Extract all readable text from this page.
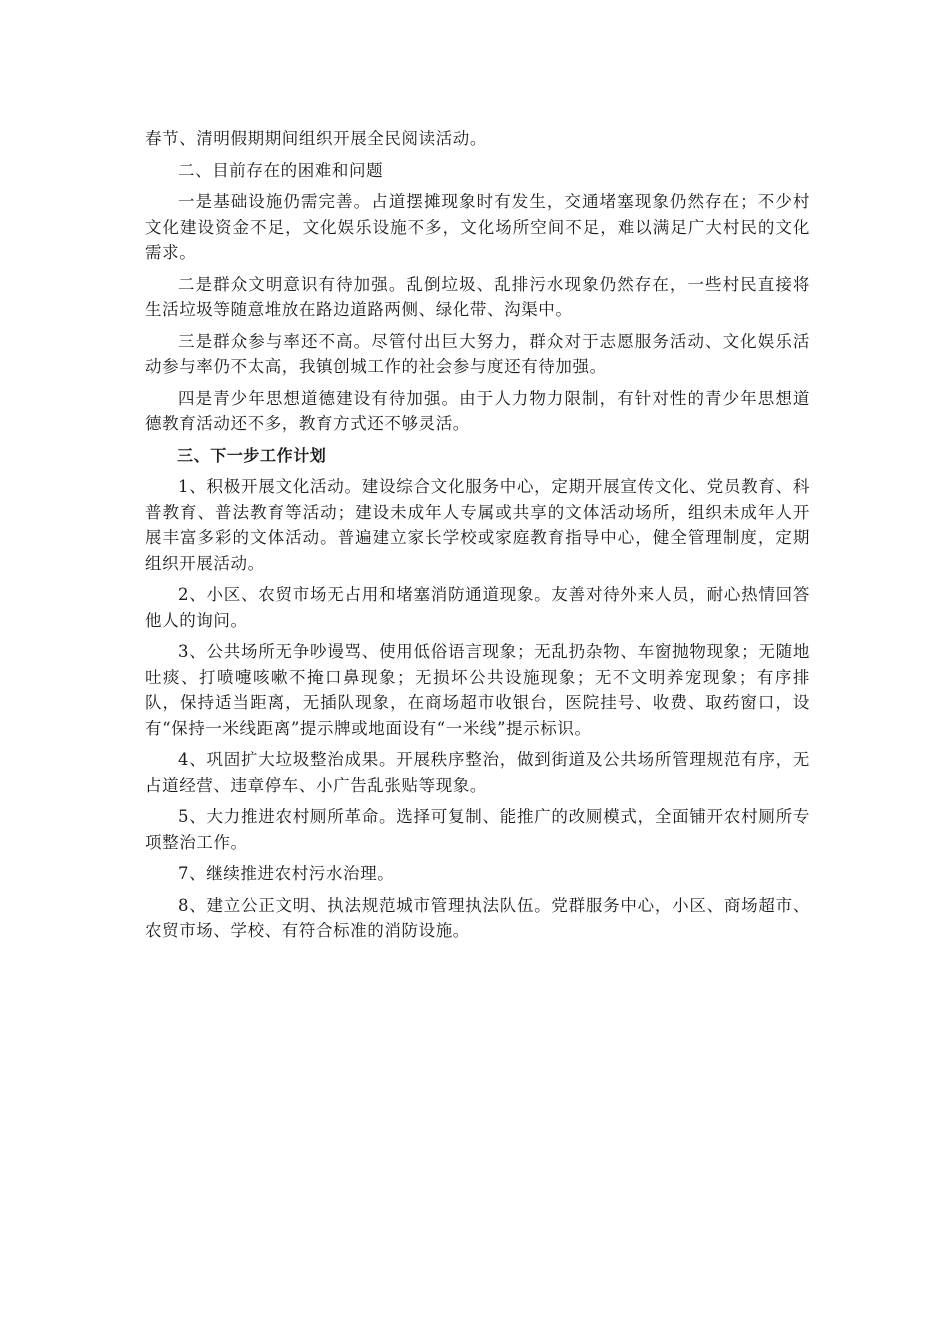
春节、清明假期期间组织开展全民阅读活动。

二、目前存在的困难和问题

一是基础设施仍需完善。占道摆摊现象时有发生，交通堵塞现象仍然存在；不少村文化建设资金不足，文化娱乐设施不多，文化场所空间不足，难以满足广大村民的文化需求。

二是群众文明意识有待加强。乱倒垃圾、乱排污水现象仍然存在，一些村民直接将生活垃圾等随意堆放在路边道路两侧、绿化带、沟渠中。

三是群众参与率还不高。尽管付出巨大努力，群众对于志愿服务活动、文化娱乐活动参与率仍不太高，我镇创城工作的社会参与度还有待加强。

四是青少年思想道德建设有待加强。由于人力物力限制，有针对性的青少年思想道德教育活动还不多，教育方式还不够灵活。

三、下一步工作计划

1、积极开展文化活动。建设综合文化服务中心，定期开展宣传文化、党员教育、科普教育、普法教育等活动；建设未成年人专属或共享的文体活动场所，组织未成年人开展丰富多彩的文体活动。普遍建立家长学校或家庭教育指导中心，健全管理制度，定期组织开展活动。

2、小区、农贸市场无占用和堵塞消防通道现象。友善对待外来人员，耐心热情回答他人的询问。

3、公共场所无争吵谩骂、使用低俗语言现象；无乱扔杂物、车窗抛物现象；无随地吐痰、打喷嚏咳嗽不掩口鼻现象；无损坏公共设施现象；无不文明养宠现象；有序排队，保持适当距离，无插队现象，在商场超市收银台，医院挂号、收费、取药窗口，设有“保持一米线距离”提示牌或地面设有“一米线”提示标识。

4、巩固扩大垃圾整治成果。开展秩序整治，做到街道及公共场所管理规范有序，无占道经营、违章停车、小广告乱张贴等现象。

5、大力推进农村厕所革命。选择可复制、能推广的改厕模式，全面铺开农村厕所专项整治工作。

7、继续推进农村污水治理。

8、建立公正文明、执法规范城市管理执法队伍。党群服务中心，小区、商场超市、农贸市场、学校、有符合标准的消防设施。
